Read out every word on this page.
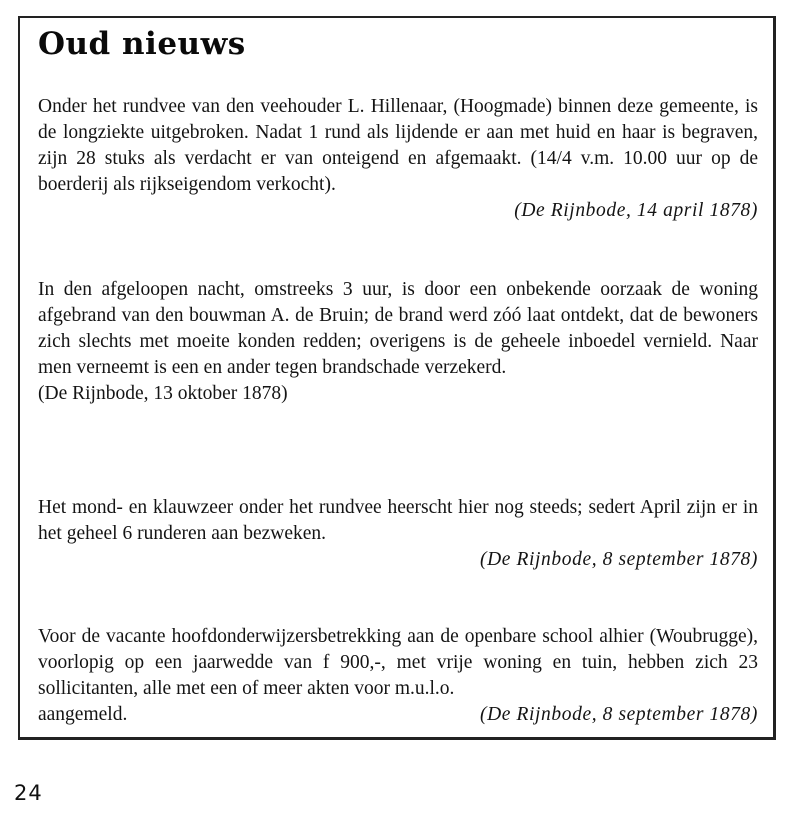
Oud nieuws

Onder het rundvee van den veehouder L. Hillenaar, (Hoogmade) binnen deze gemeente, is de longziekte uitgebroken. Nadat 1 rund als lijdende er aan met huid en haar is begraven, zijn 28 stuks als verdacht er van onteigend en afgemaakt. (14/4 v.m. 10.00 uur op de boerderij als rijkseigendom verkocht).

(De Rijnbode, 14 april 1878)

In den afgeloopen nacht, omstreeks 3 uur, is door een onbekende oorzaak de woning afgebrand van den bouwman A. de Bruin; de brand werd zóó laat ontdekt, dat de bewoners zich slechts met moeite konden redden; overigens is de geheele inboedel vernield. Naar men verneemt is een en ander tegen brandschade verzekerd.

(De Rijnbode, 13 oktober 1878)

Het mond- en klauwzeer onder het rundvee heerscht hier nog steeds; sedert April zijn er in het geheel 6 runderen aan bezweken.

(De Rijnbode, 8 september 1878)

Voor de vacante hoofdonderwijzersbetrekking aan de openbare school alhier (Woubrugge), voorlopig op een jaarwedde van f 900,-, met vrije woning en tuin, hebben zich 23 sollicitanten, alle met een of meer akten voor m.u.l.o.

aangemeld.	(De Rijnbode, 8 september 1878)
24
